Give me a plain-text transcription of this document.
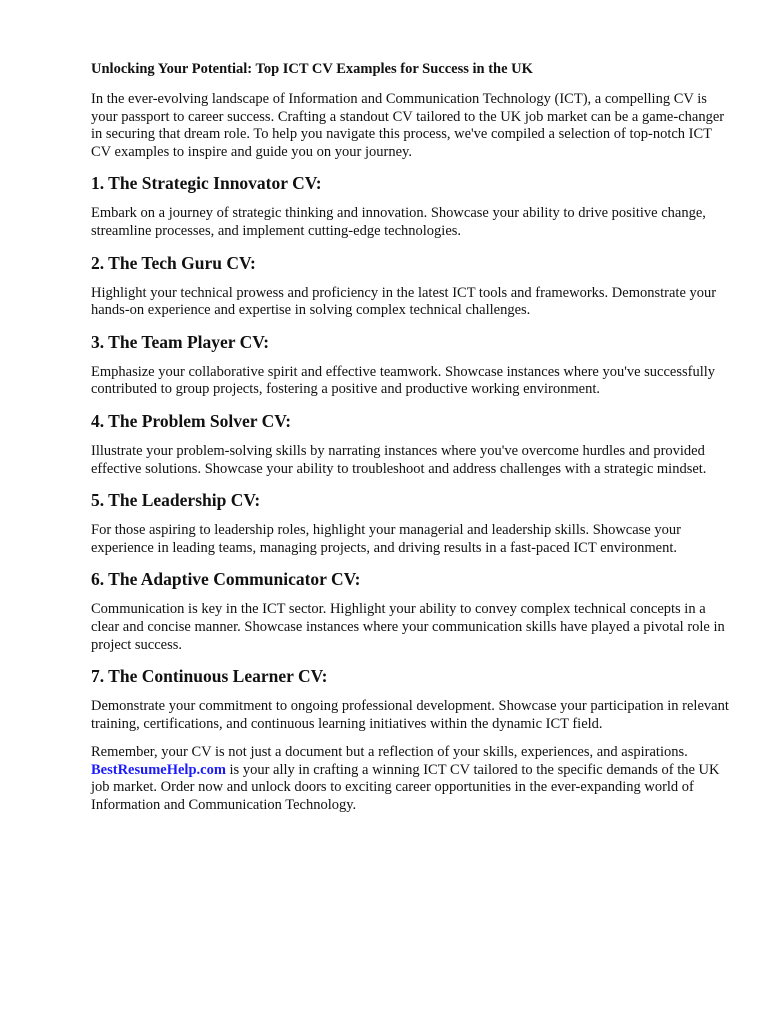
Unlocking Your Potential: Top ICT CV Examples for Success in the UK

In the ever-evolving landscape of Information and Communication Technology (ICT), a compelling CV is your passport to career success. Crafting a standout CV tailored to the UK job market can be a game-changer in securing that dream role. To help you navigate this process, we've compiled a selection of top-notch ICT CV examples to inspire and guide you on your journey.

1. The Strategic Innovator CV:

Embark on a journey of strategic thinking and innovation. Showcase your ability to drive positive change, streamline processes, and implement cutting-edge technologies.

2. The Tech Guru CV:

Highlight your technical prowess and proficiency in the latest ICT tools and frameworks. Demonstrate your hands-on experience and expertise in solving complex technical challenges.

3. The Team Player CV:

Emphasize your collaborative spirit and effective teamwork. Showcase instances where you've successfully contributed to group projects, fostering a positive and productive working environment.

4. The Problem Solver CV:

Illustrate your problem-solving skills by narrating instances where you've overcome hurdles and provided effective solutions. Showcase your ability to troubleshoot and address challenges with a strategic mindset.

5. The Leadership CV:

For those aspiring to leadership roles, highlight your managerial and leadership skills. Showcase your experience in leading teams, managing projects, and driving results in a fast-paced ICT environment.

6. The Adaptive Communicator CV:

Communication is key in the ICT sector. Highlight your ability to convey complex technical concepts in a clear and concise manner. Showcase instances where your communication skills have played a pivotal role in project success.

7. The Continuous Learner CV:

Demonstrate your commitment to ongoing professional development. Showcase your participation in relevant training, certifications, and continuous learning initiatives within the dynamic ICT field.

Remember, your CV is not just a document but a reflection of your skills, experiences, and aspirations. BestResumeHelp.com is your ally in crafting a winning ICT CV tailored to the specific demands of the UK job market. Order now and unlock doors to exciting career opportunities in the ever-expanding world of Information and Communication Technology.
